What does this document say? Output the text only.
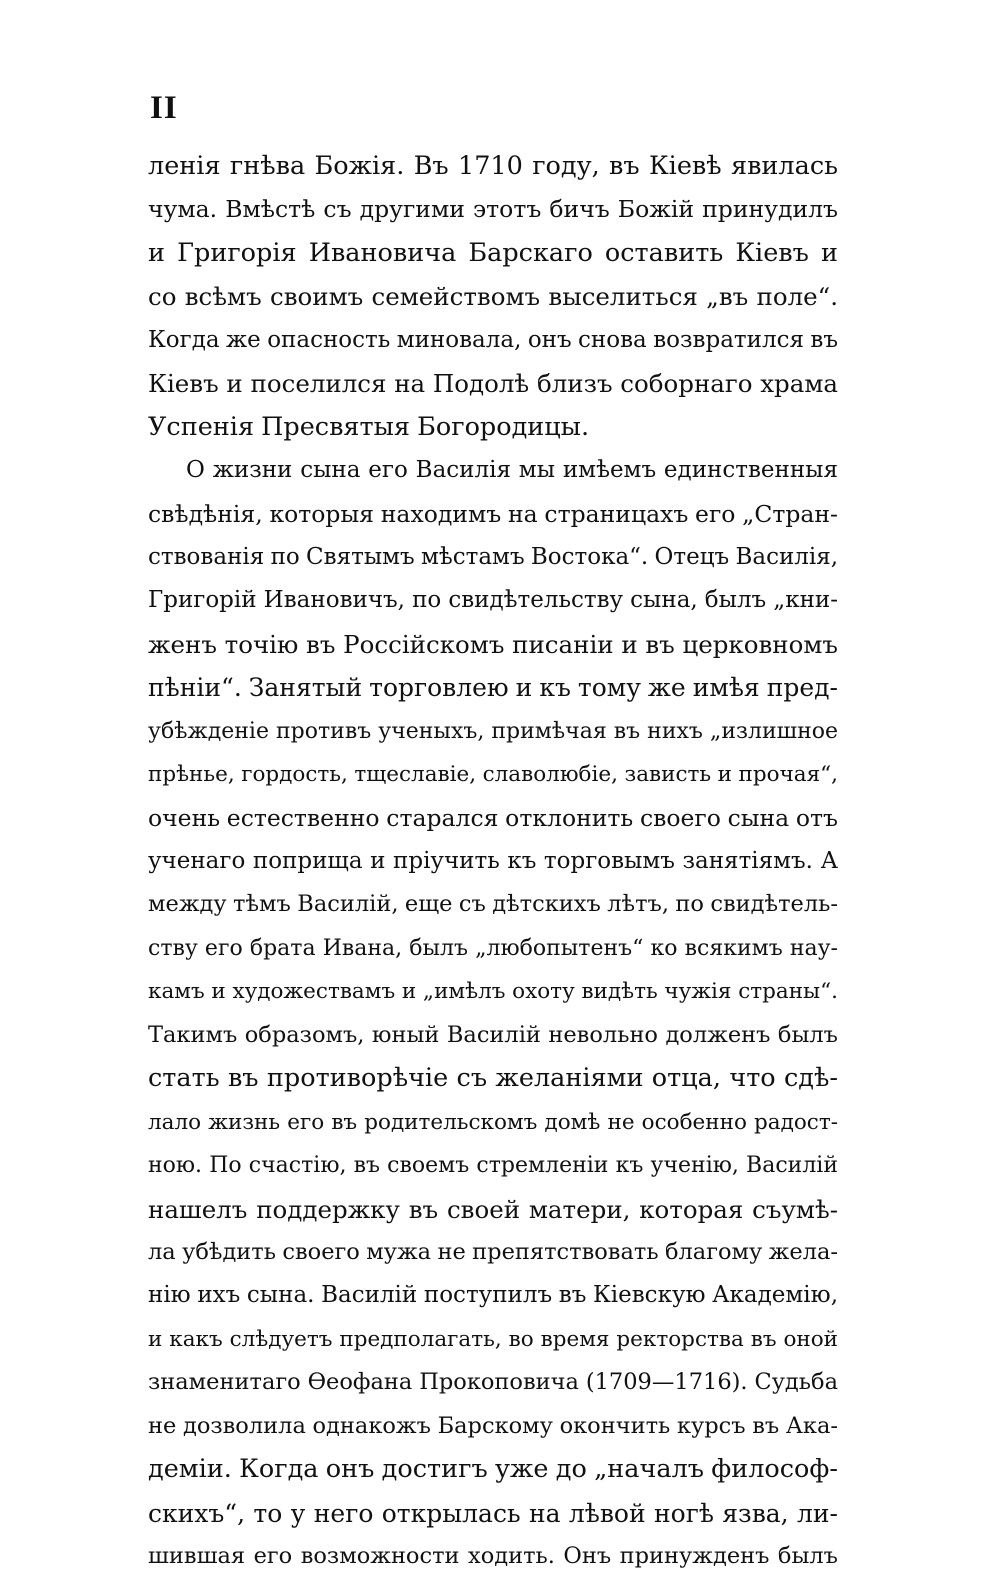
II
ленія гнѣва Божія. Въ 1710 году, въ Кіевѣ явилась
чума. Вмѣстѣ съ другими этотъ бичъ Божій принудилъ
и Григорія Ивановича Барскаго оставить Кіевъ и
со всѣмъ своимъ семействомъ выселиться „въ поле“.
Когда же опасность миновала, онъ снова возвратился въ
Кіевъ и поселился на Подолѣ близъ соборнаго храма
Успенія Пресвятыя Богородицы.
О жизни сына его Василія мы имѣемъ единственныя
свѣдѣнія, которыя находимъ на страницахъ его „Стран-
ствованія по Святымъ мѣстамъ Востока“. Отецъ Василія,
Григорій Ивановичъ, по свидѣтельству сына, былъ „кни-
женъ точію въ Россійскомъ писаніи и въ церковномъ
пѣніи“. Занятый торговлею и къ тому же имѣя пред-
убѣжденіе противъ ученыхъ, примѣчая въ нихъ „излишное
прѣнье, гордость, тщеславіе, славолюбіе, зависть и прочая“,
очень естественно старался отклонить своего сына отъ
ученаго поприща и пріучить къ торговымъ занятіямъ. А
между тѣмъ Василій, еще съ дѣтскихъ лѣтъ, по свидѣтель-
ству его брата Ивана, былъ „любопытенъ“ ко всякимъ нау-
камъ и художествамъ и „имѣлъ охоту видѣть чужія страны“.
Такимъ образомъ, юный Василій невольно долженъ былъ
стать въ противорѣчіе съ желаніями отца, что сдѣ-
лало жизнь его въ родительскомъ домѣ не особенно радост-
ною. По счастію, въ своемъ стремленіи къ ученію, Василій
нашелъ поддержку въ своей матери, которая съумѣ-
ла убѣдить своего мужа не препятствовать благому жела-
нію ихъ сына. Василій поступилъ въ Кіевскую Академію,
и какъ слѣдуетъ предполагать, во время ректорства въ оной
знаменитаго Ѳеофана Прокоповича (1709—1716). Судьба
не дозволила однакожъ Барскому окончить курсъ въ Ака-
деміи. Когда онъ достигъ уже до „началъ философ-
скихъ“, то у него открылась на лѣвой ногѣ язва, ли-
шившая его возможности ходить. Онъ принужденъ былъ
